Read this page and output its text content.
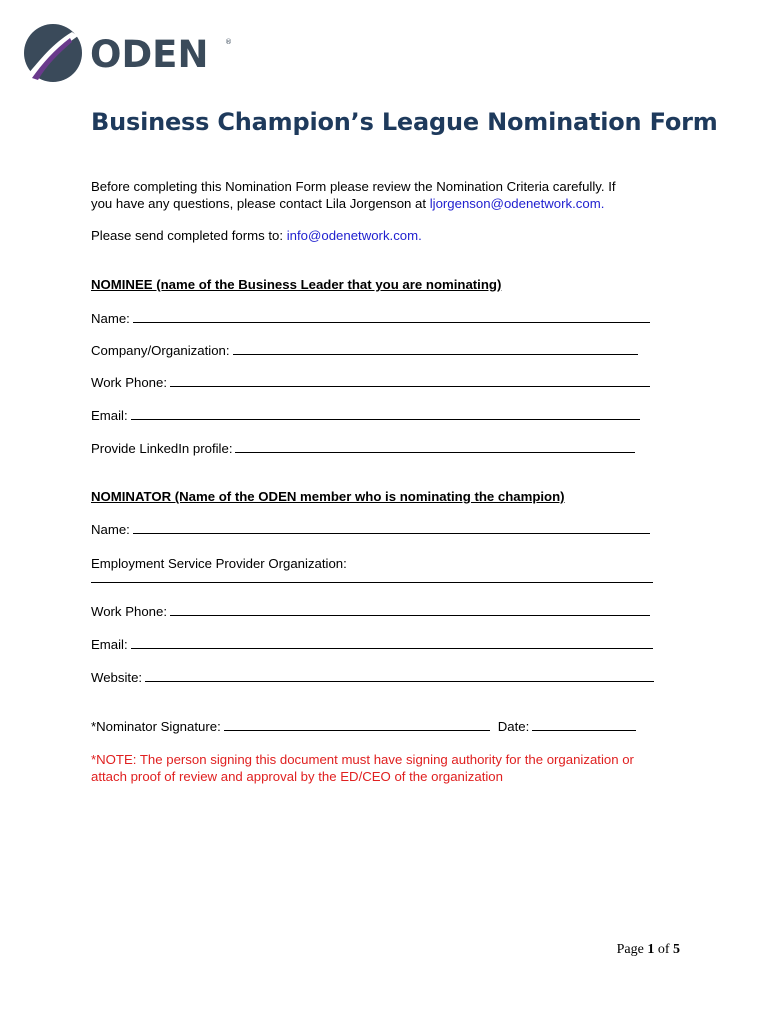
ODEN ®
Business Champion’s League Nomination Form
Before completing this Nomination Form please review the Nomination Criteria carefully. If
you have any questions, please contact Lila Jorgenson at ljorgenson@odenetwork.com.
Please send completed forms to: info@odenetwork.com.
NOMINEE (name of the Business Leader that you are nominating)
Name:
Company/Organization:
Work Phone:
Email:
Provide LinkedIn profile:
NOMINATOR (Name of the ODEN member who is nominating the champion)
Name:
Employment Service Provider Organization:
Work Phone:
Email:
Website:
*Nominator Signature:	Date:
*NOTE: The person signing this document must have signing authority for the organization or
attach proof of review and approval by the ED/CEO of the organization
Page 1 of 5
